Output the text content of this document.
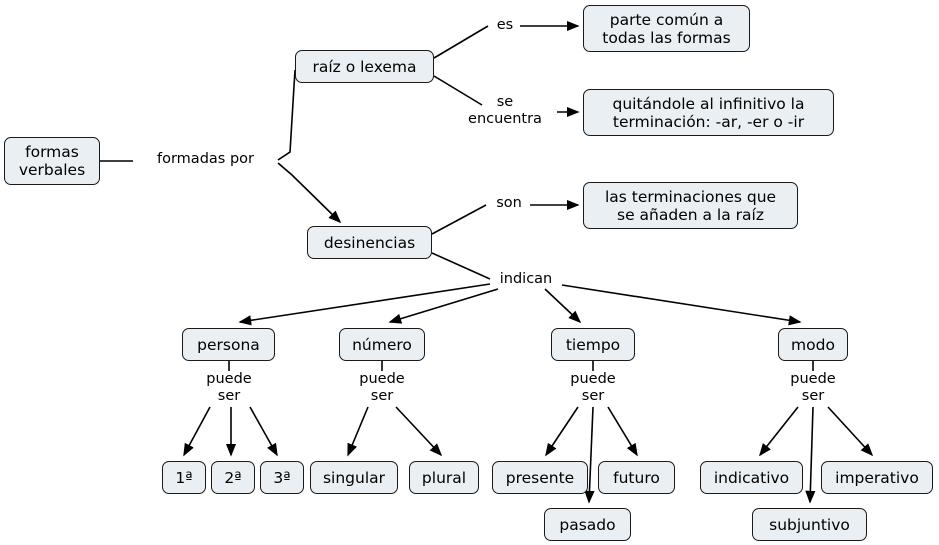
formas
verbales
raíz o lexema
parte común a
todas las formas
quitándole al infinitivo la
terminación: -ar, -er o -ir
desinencias
las terminaciones que
se añaden a la raíz
persona	número	tiempo	modo
1ª	2ª	3ª	singular	plural	presente	futuro
pasado
indicativo	imperativo
subjuntivo
formadas por
es
se
encuentra
son
indican
puede
ser
puede
ser
puede
ser
puede
ser
